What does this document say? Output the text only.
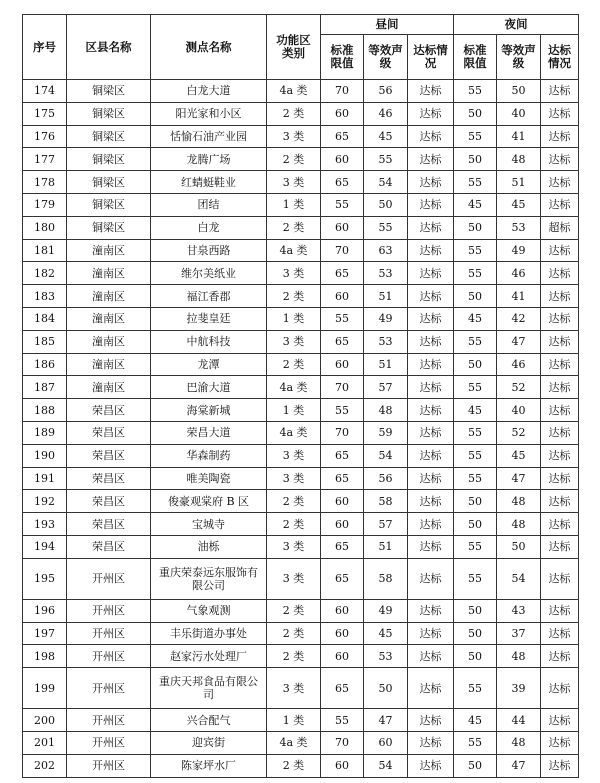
序号	区县名称	测点名称	功能区类别	昼间			夜间		

				标准限值	等效声级	达标情况	标准限值	等效声级	达标情况

174	铜梁区	白龙大道	4a 类	70	56	达标	55	50	达标
175	铜梁区	阳光家和小区	2 类	60	46	达标	50	40	达标
176	铜梁区	恬愉石油产业园	3 类	65	45	达标	55	41	达标
177	铜梁区	龙腾广场	2 类	60	55	达标	50	48	达标
178	铜梁区	红蜻蜓鞋业	3 类	65	54	达标	55	51	达标
179	铜梁区	团结	1 类	55	50	达标	45	45	达标
180	铜梁区	白龙	2 类	60	55	达标	50	53	超标
181	潼南区	甘泉西路	4a 类	70	63	达标	55	49	达标
182	潼南区	维尔美纸业	3 类	65	53	达标	55	46	达标
183	潼南区	福江香郡	2 类	60	51	达标	50	41	达标
184	潼南区	拉斐皇廷	1 类	55	49	达标	45	42	达标
185	潼南区	中航科技	3 类	65	53	达标	55	47	达标
186	潼南区	龙潭	2 类	60	51	达标	50	46	达标
187	潼南区	巴渝大道	4a 类	70	57	达标	55	52	达标
188	荣昌区	海棠新城	1 类	55	48	达标	45	40	达标
189	荣昌区	荣昌大道	4a 类	70	59	达标	55	52	达标
190	荣昌区	华森制药	3 类	65	54	达标	55	45	达标
191	荣昌区	唯美陶瓷	3 类	65	56	达标	55	47	达标
192	荣昌区	俊豪观棠府 B 区	2 类	60	58	达标	50	48	达标
193	荣昌区	宝城寺	2 类	60	57	达标	50	48	达标
194	荣昌区	油栎	3 类	65	51	达标	55	50	达标
195	开州区	重庆荣泰远东服饰有限公司	3 类	65	58	达标	55	54	达标
196	开州区	气象观测	2 类	60	49	达标	50	43	达标
197	开州区	丰乐街道办事处	2 类	60	45	达标	50	37	达标
198	开州区	赵家污水处理厂	2 类	60	53	达标	50	48	达标
199	开州区	重庆天邦食品有限公司	3 类	65	50	达标	55	39	达标
200	开州区	兴合配气	1 类	55	47	达标	45	44	达标
201	开州区	迎宾街	4a 类	70	60	达标	55	48	达标
202	开州区	陈家坪水厂	2 类	60	54	达标	50	47	达标
